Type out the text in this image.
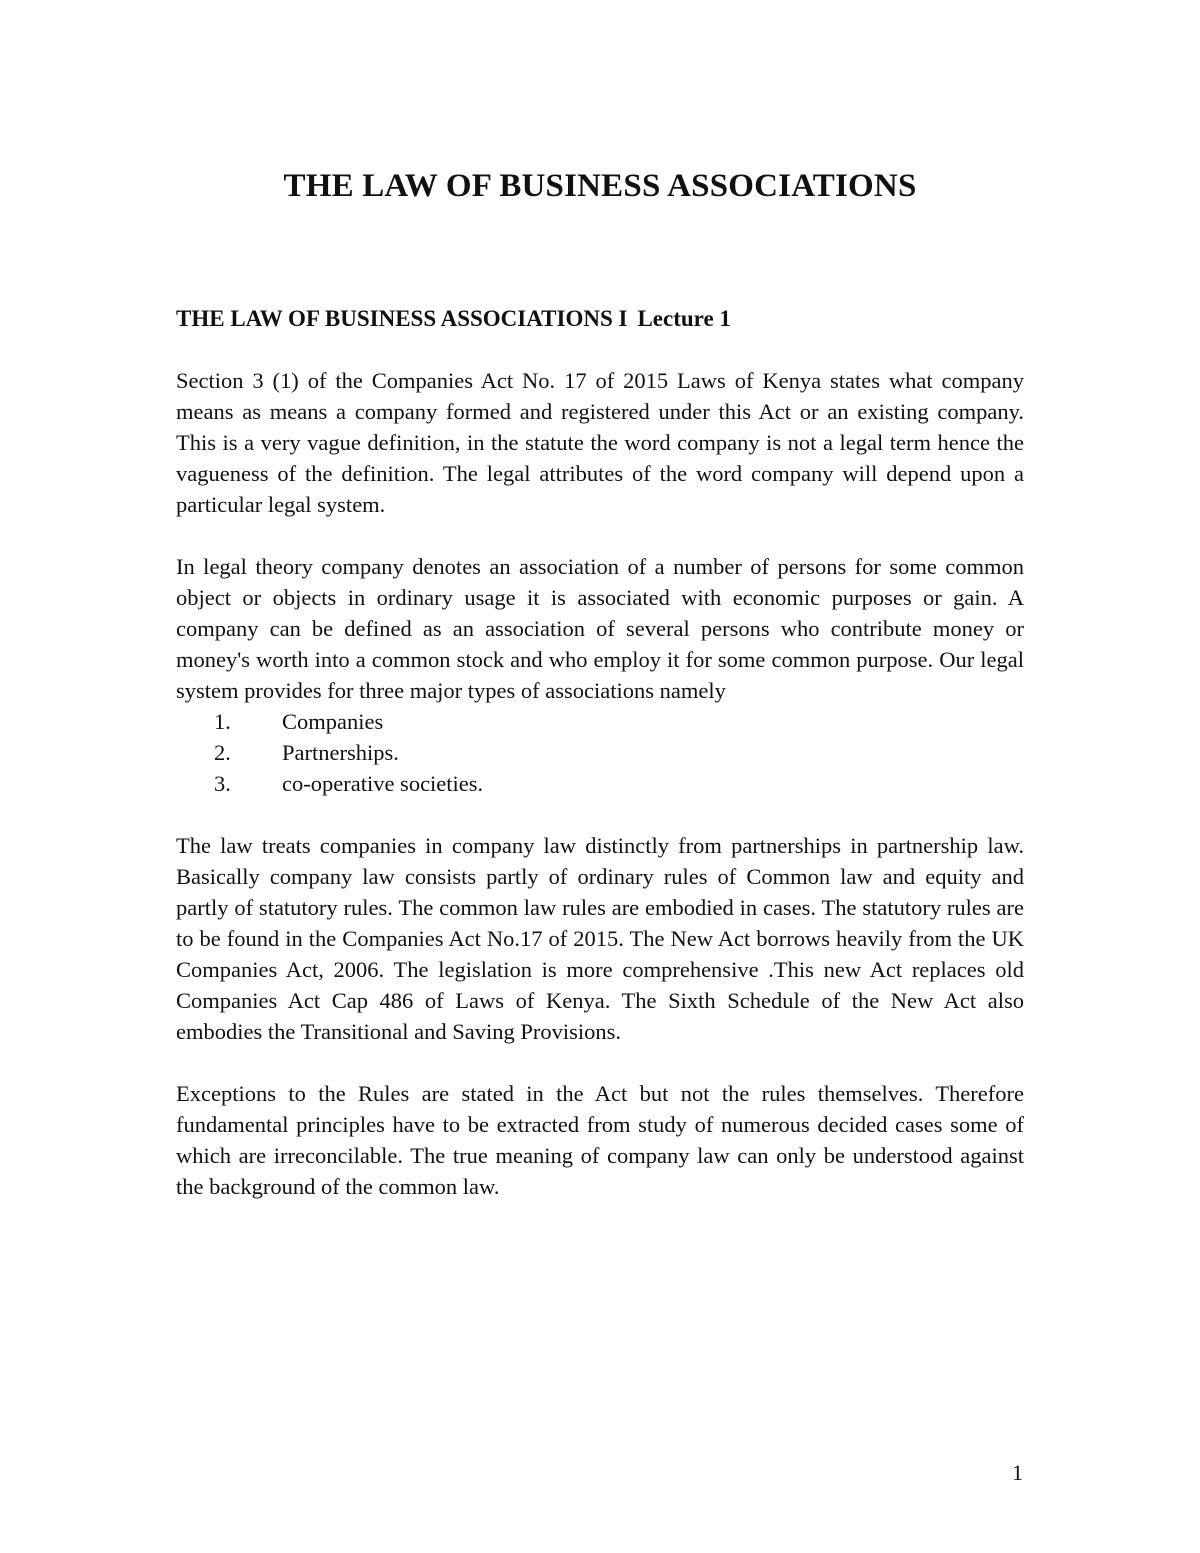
THE LAW OF BUSINESS ASSOCIATIONS

THE LAW OF BUSINESS ASSOCIATIONS I Lecture 1

Section 3 (1) of the Companies Act No. 17 of 2015 Laws of Kenya states what company means as means a company formed and registered under this Act or an existing company. This is a very vague definition, in the statute the word company is not a legal term hence the vagueness of the definition. The legal attributes of the word company will depend upon a particular legal system.

In legal theory company denotes an association of a number of persons for some common object or objects in ordinary usage it is associated with economic purposes or gain. A company can be defined as an association of several persons who contribute money or money's worth into a common stock and who employ it for some common purpose. Our legal system provides for three major types of associations namely

1.	Companies
2.	Partnerships.
3.	co-operative societies.

The law treats companies in company law distinctly from partnerships in partnership law. Basically company law consists partly of ordinary rules of Common law and equity and partly of statutory rules. The common law rules are embodied in cases. The statutory rules are to be found in the Companies Act No.17 of 2015. The New Act borrows heavily from the UK Companies Act, 2006. The legislation is more comprehensive .This new Act replaces old Companies Act Cap 486 of Laws of Kenya. The Sixth Schedule of the New Act also embodies the Transitional and Saving Provisions.

Exceptions to the Rules are stated in the Act but not the rules themselves. Therefore fundamental principles have to be extracted from study of numerous decided cases some of which are irreconcilable. The true meaning of company law can only be understood against the background of the common law.

1
